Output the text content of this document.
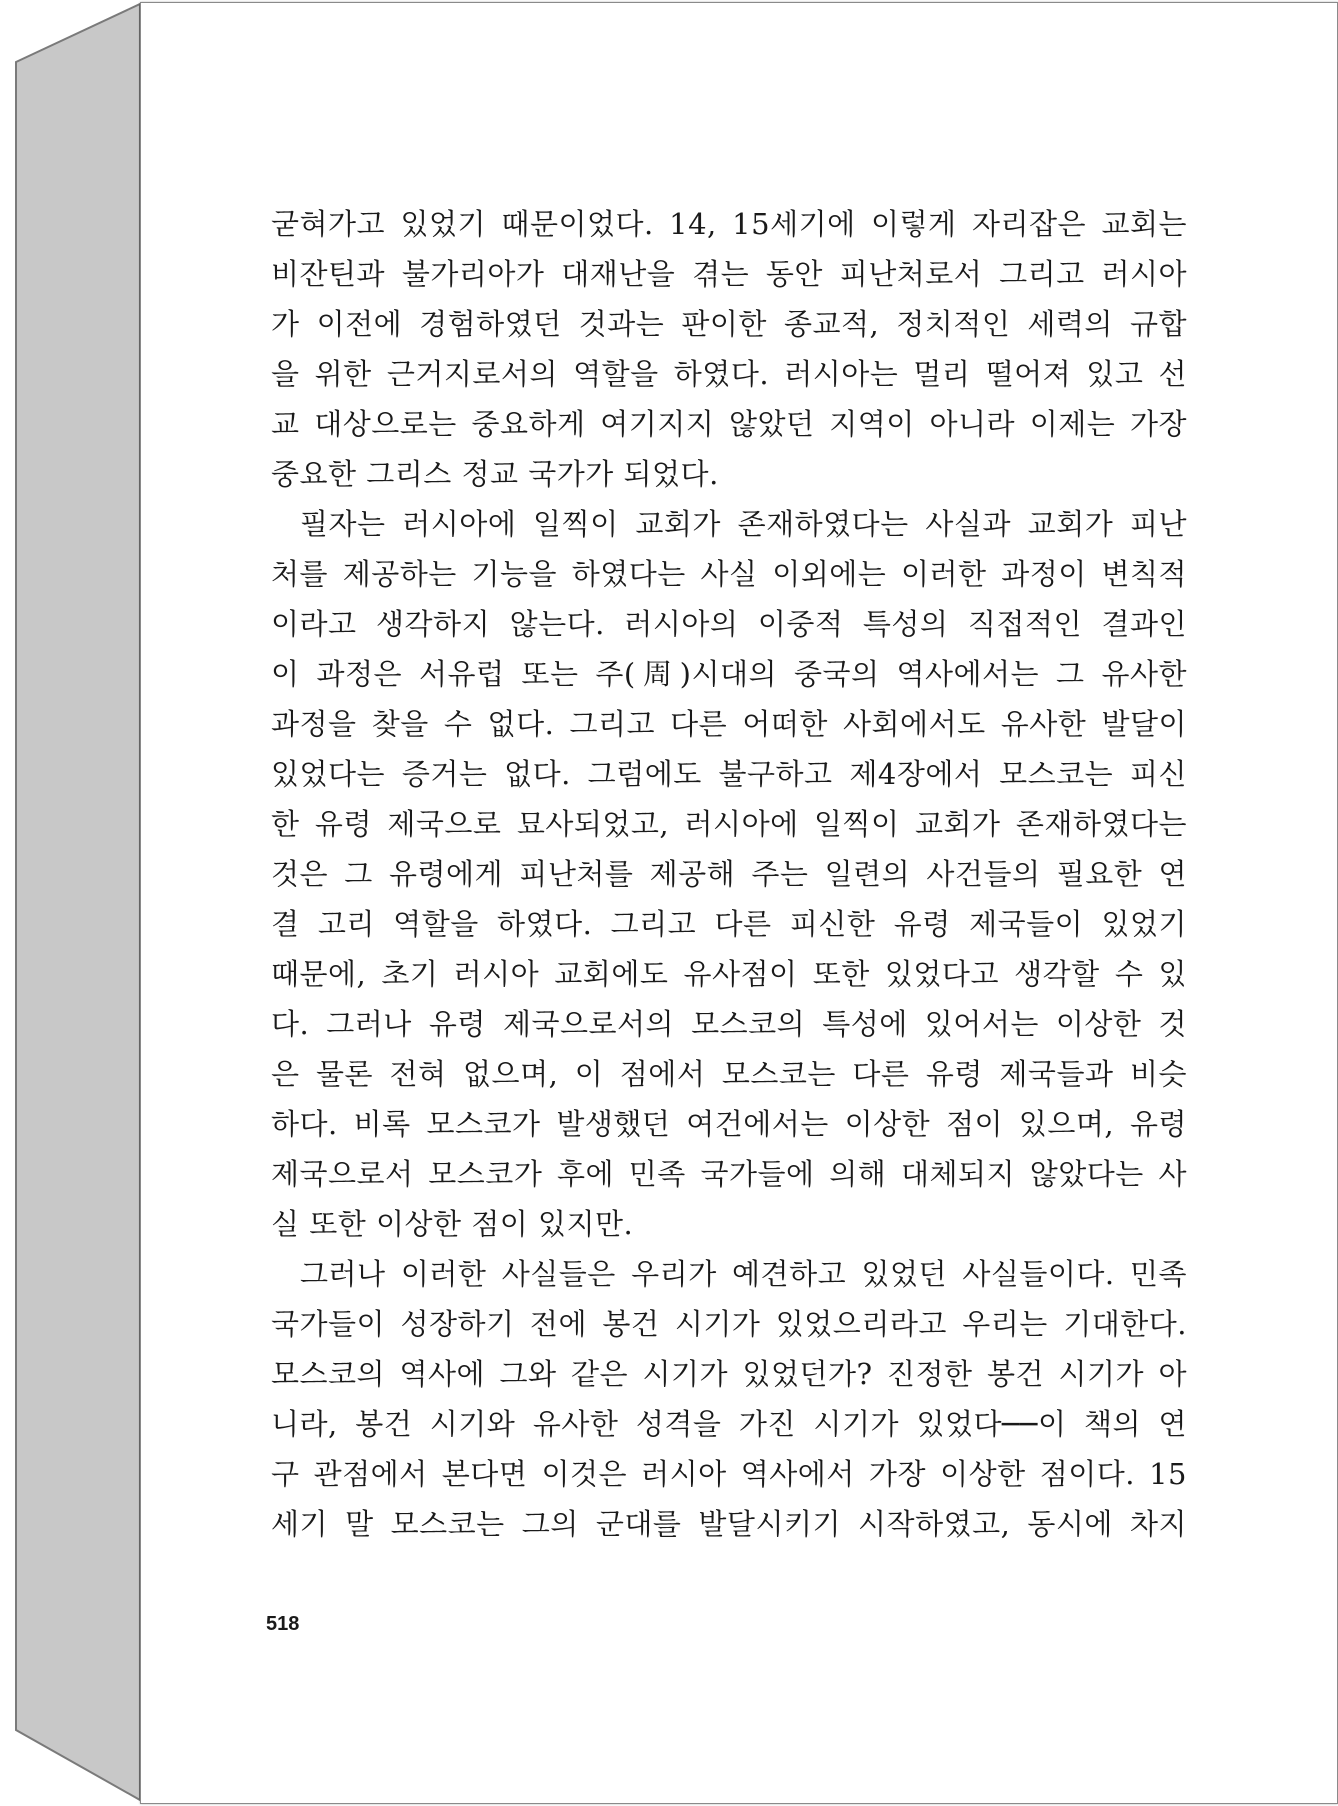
굳혀가고 있었기 때문이었다. 14, 15세기에 이렇게 자리잡은 교회는
비잔틴과 불가리아가 대재난을 겪는 동안 피난처로서 그리고 러시아
가 이전에 경험하였던 것과는 판이한 종교적, 정치적인 세력의 규합
을 위한 근거지로서의 역할을 하였다. 러시아는 멀리 떨어져 있고 선
교 대상으로는 중요하게 여기지지 않았던 지역이 아니라 이제는 가장
중요한 그리스 정교 국가가 되었다.
필자는 러시아에 일찍이 교회가 존재하였다는 사실과 교회가 피난
처를 제공하는 기능을 하였다는 사실 이외에는 이러한 과정이 변칙적
이라고 생각하지 않는다. 러시아의 이중적 특성의 직접적인 결과인
이 과정은 서유럽 또는 주(周)시대의 중국의 역사에서는 그 유사한
과정을 찾을 수 없다. 그리고 다른 어떠한 사회에서도 유사한 발달이
있었다는 증거는 없다. 그럼에도 불구하고 제4장에서 모스코는 피신
한 유령 제국으로 묘사되었고, 러시아에 일찍이 교회가 존재하였다는
것은 그 유령에게 피난처를 제공해 주는 일련의 사건들의 필요한 연
결 고리 역할을 하였다. 그리고 다른 피신한 유령 제국들이 있었기
때문에, 초기 러시아 교회에도 유사점이 또한 있었다고 생각할 수 있
다. 그러나 유령 제국으로서의 모스코의 특성에 있어서는 이상한 것
은 물론 전혀 없으며, 이 점에서 모스코는 다른 유령 제국들과 비슷
하다. 비록 모스코가 발생했던 여건에서는 이상한 점이 있으며, 유령
제국으로서 모스코가 후에 민족 국가들에 의해 대체되지 않았다는 사
실 또한 이상한 점이 있지만.
그러나 이러한 사실들은 우리가 예견하고 있었던 사실들이다. 민족
국가들이 성장하기 전에 봉건 시기가 있었으리라고 우리는 기대한다.
모스코의 역사에 그와 같은 시기가 있었던가? 진정한 봉건 시기가 아
니라, 봉건 시기와 유사한 성격을 가진 시기가 있었다──이 책의 연
구 관점에서 본다면 이것은 러시아 역사에서 가장 이상한 점이다. 15
세기 말 모스코는 그의 군대를 발달시키기 시작하였고, 동시에 차지
518
